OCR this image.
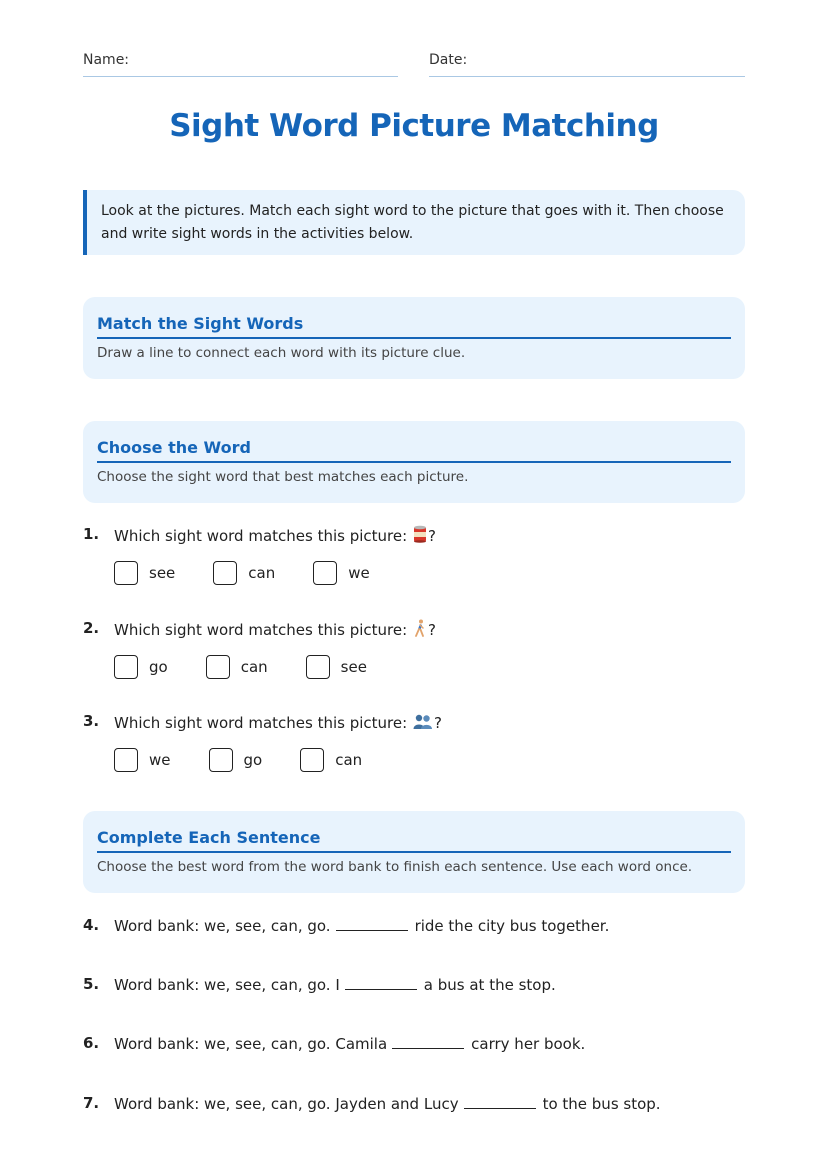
Name:	Date:
Sight Word Picture Matching
Look at the pictures. Match each sight word to the picture that goes with it. Then choose and write sight words in the activities below.
Match the Sight Words
Draw a line to connect each word with its picture clue.
Choose the Word
Choose the sight word that best matches each picture.
1. Which sight word matches this picture: ?
see	can	we
2. Which sight word matches this picture: ?
go	can	see
3. Which sight word matches this picture: ?
we	go	can
Complete Each Sentence
Choose the best word from the word bank to finish each sentence. Use each word once.
4. Word bank: we, see, can, go.	ride the city bus together.
5. Word bank: we, see, can, go. I	a bus at the stop.
6. Word bank: we, see, can, go. Camila	carry her book.
7. Word bank: we, see, can, go. Jayden and Lucy	to the bus stop.
